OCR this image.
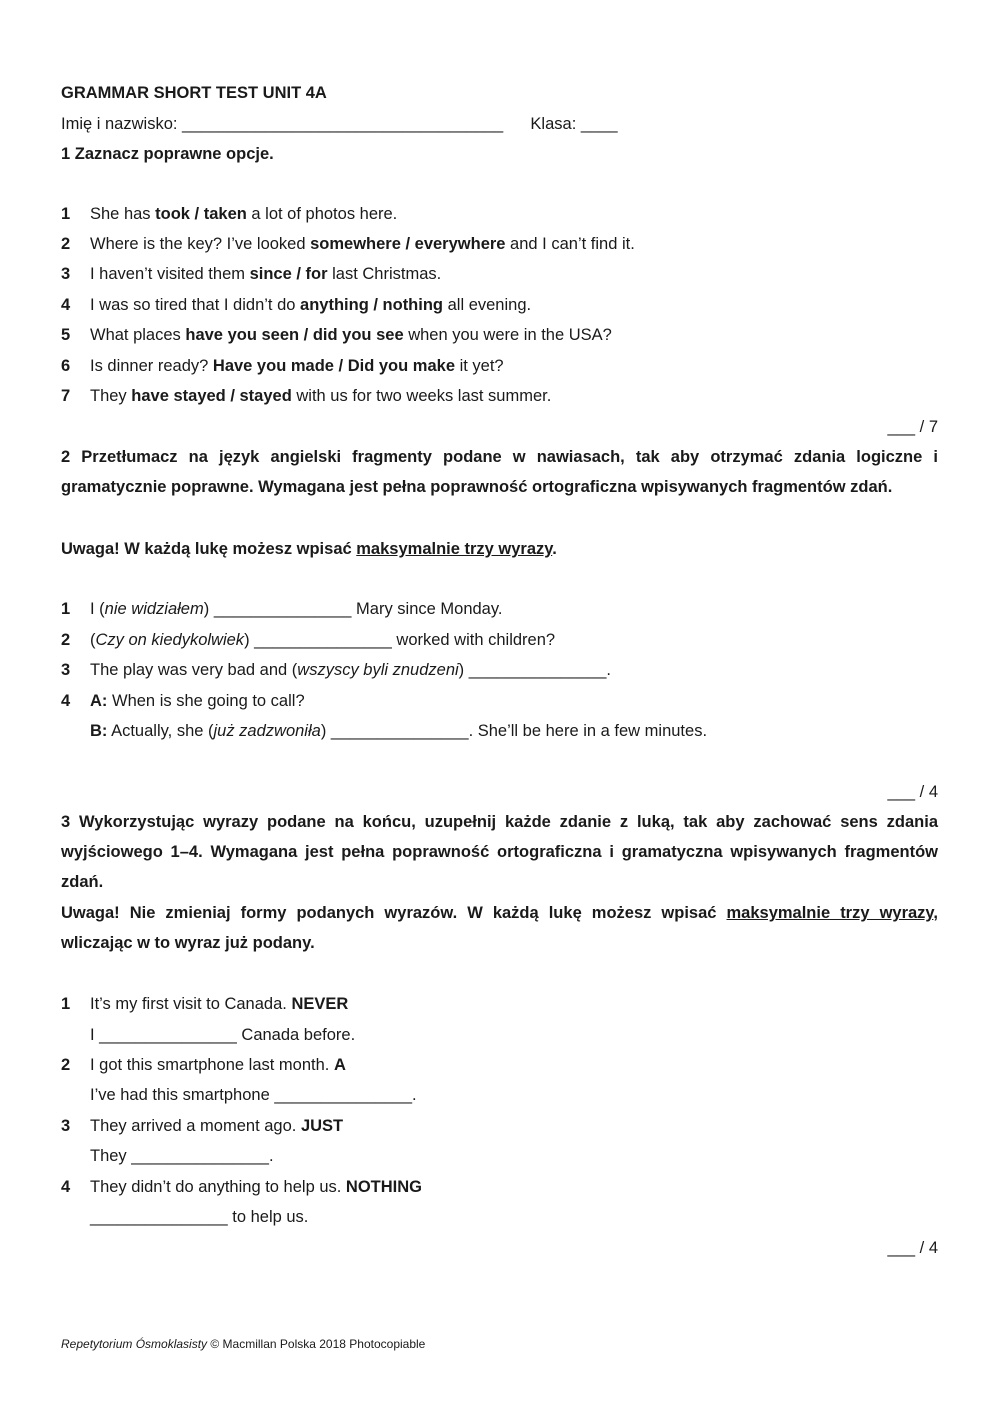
GRAMMAR SHORT TEST UNIT 4A
Imię i nazwisko: ___________________________________ Klasa: ____
1 Zaznacz poprawne opcje.
1 She has took / taken a lot of photos here.
2 Where is the key? I’ve looked somewhere / everywhere and I can’t find it.
3 I haven’t visited them since / for last Christmas.
4 I was so tired that I didn’t do anything / nothing all evening.
5 What places have you seen / did you see when you were in the USA?
6 Is dinner ready? Have you made / Did you make it yet?
7 They have stayed / stayed with us for two weeks last summer.
___ / 7
2 Przetłumacz na język angielski fragmenty podane w nawiasach, tak aby otrzymać zdania logiczne i gramatycznie poprawne. Wymagana jest pełna poprawność ortograficzna wpisywanych fragmentów zdań.
Uwaga! W każdą lukę możesz wpisać maksymalnie trzy wyrazy.
1 I (nie widziałem) _______________ Mary since Monday.
2 (Czy on kiedykolwiek) _______________ worked with children?
3 The play was very bad and (wszyscy byli znudzeni) _______________.
4 A: When is she going to call?
B: Actually, she (już zadzwoniła) _______________. She’ll be here in a few minutes.
___ / 4
3 Wykorzystując wyrazy podane na końcu, uzupełnij każde zdanie z luką, tak aby zachować sens zdania wyjściowego 1–4. Wymagana jest pełna poprawność ortograficzna i gramatyczna wpisywanych fragmentów zdań.
Uwaga! Nie zmieniaj formy podanych wyrazów. W każdą lukę możesz wpisać maksymalnie trzy wyrazy, wliczając w to wyraz już podany.
1 It’s my first visit to Canada. NEVER
I _______________ Canada before.
2 I got this smartphone last month. A
I’ve had this smartphone _______________.
3 They arrived a moment ago. JUST
They _______________.
4 They didn’t do anything to help us. NOTHING
_______________ to help us.
___ / 4
Repetytorium Ósmoklasisty © Macmillan Polska 2018 Photocopiable
